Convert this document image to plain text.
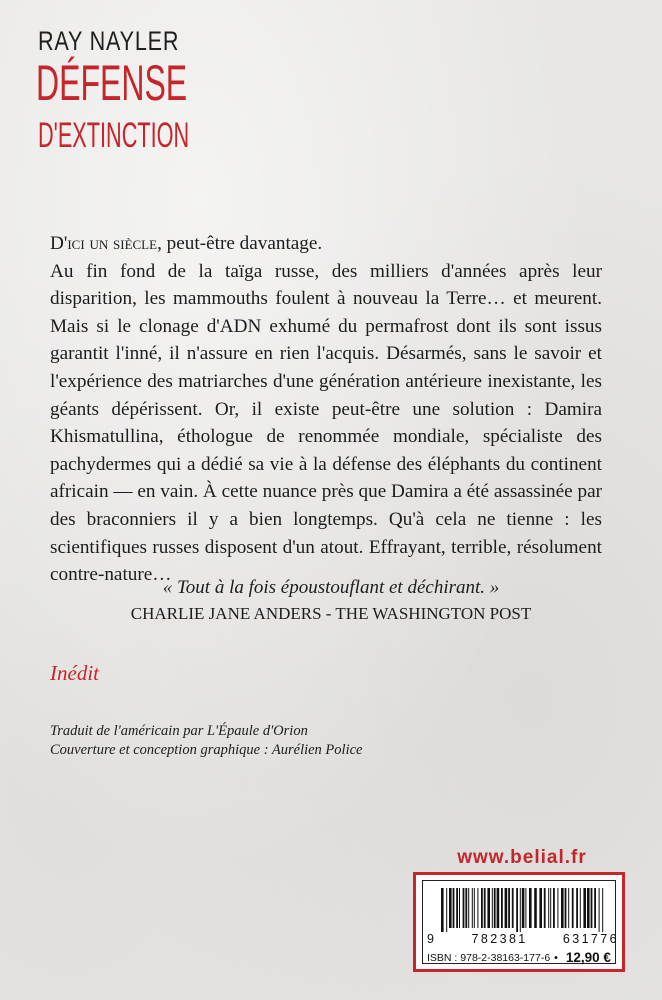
RAY NAYLER
DÉFENSE
D'EXTINCTION

D'ici un siècle, peut-être davantage.

Au fin fond de la taïga russe, des milliers d'années après leur disparition, les mammouths foulent à nouveau la Terre… et meurent. Mais si le clonage d'ADN exhumé du permafrost dont ils sont issus garantit l'inné, il n'assure en rien l'acquis. Désarmés, sans le savoir et l'expérience des matriarches d'une génération antérieure inexistante, les géants dépérissent. Or, il existe peut-être une solution : Damira Khismatullina, éthologue de renommée mondiale, spécialiste des pachydermes qui a dédié sa vie à la défense des éléphants du continent africain — en vain. À cette nuance près que Damira a été assassinée par des braconniers il y a bien longtemps. Qu'à cela ne tienne : les scientifiques russes disposent d'un atout. Effrayant, terrible, résolument contre-nature…

« Tout à la fois époustouflant et déchirant. »
CHARLIE JANE ANDERS - THE WASHINGTON POST
Inédit
Traduit de l'américain par L'Épaule d'Orion
Couverture et conception graphique : Aurélien Police
www.belial.fr
9	782381	631776
ISBN : 978-2-38163-177-6 • 12,90 €
